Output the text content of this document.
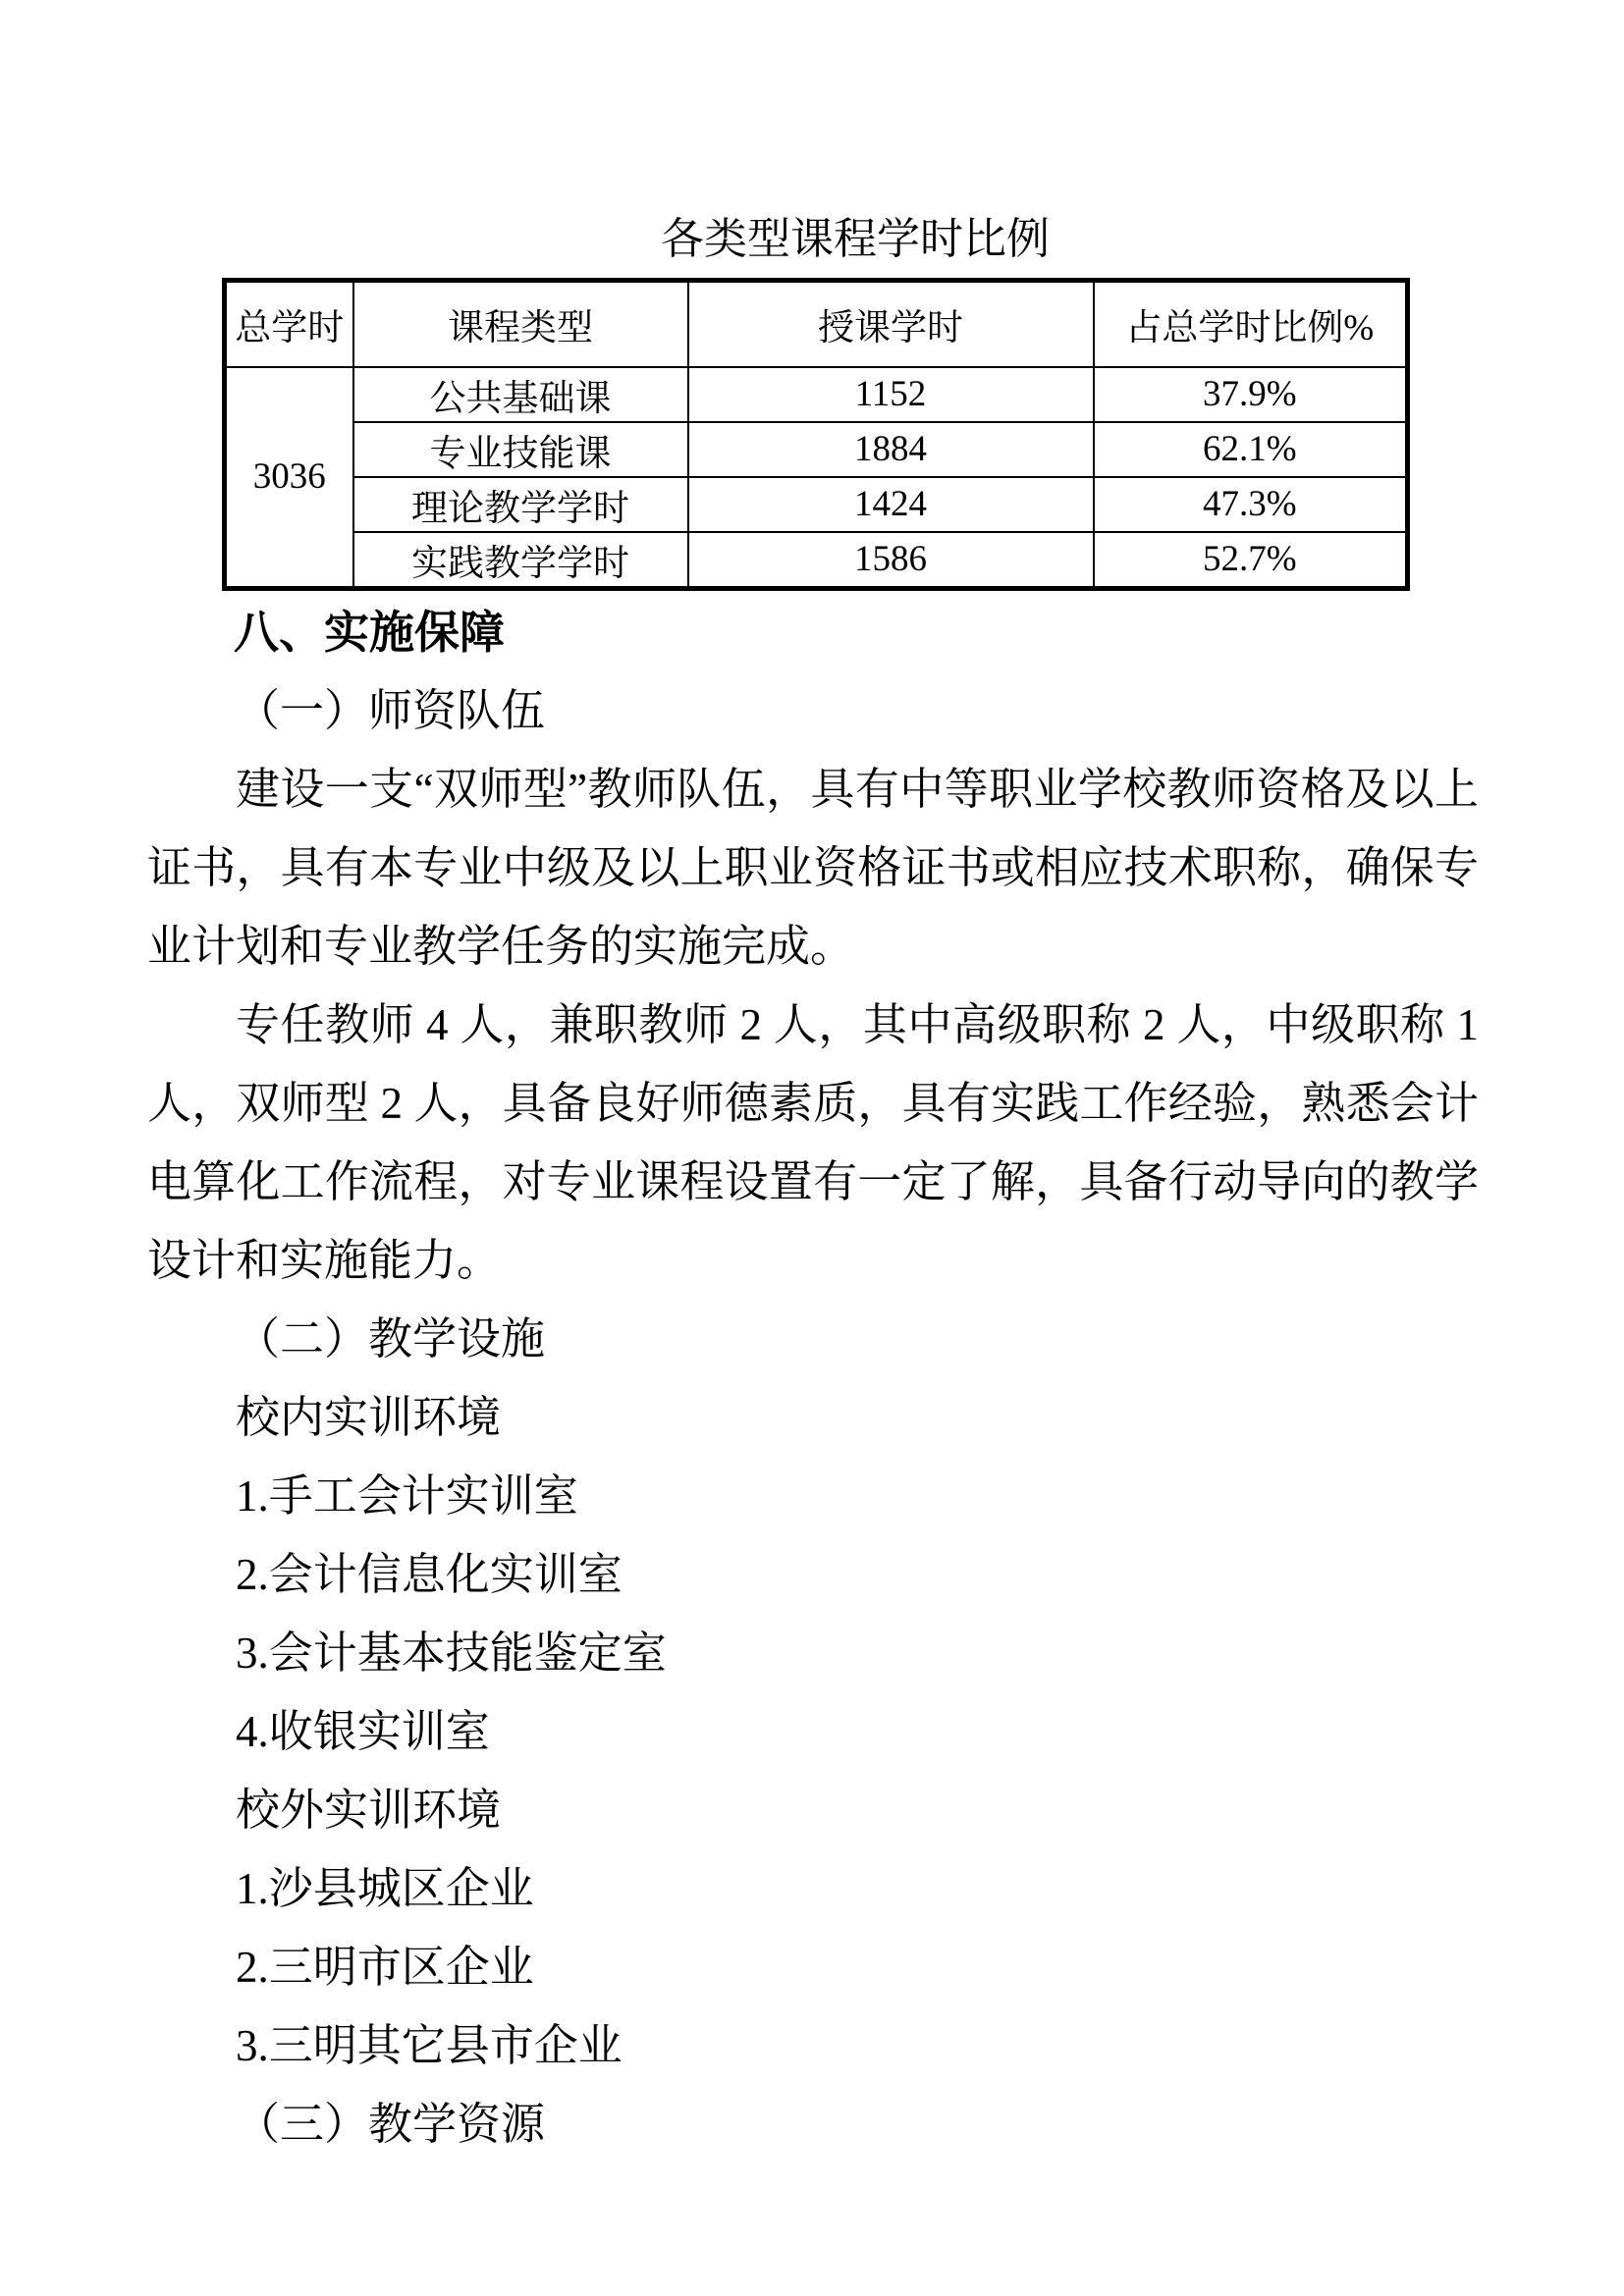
各类型课程学时比例
总学时	课程类型	授课学时	占总学时比例%
3036	公共基础课	1152	37.9%
	专业技能课	1884	62.1%
	理论教学学时	1424	47.3%
	实践教学学时	1586	52.7%

八、实施保障

（一）师资队伍

建设一支“双师型”教师队伍，具有中等职业学校教师资格及以上证书，具有本专业中级及以上职业资格证书或相应技术职称，确保专业计划和专业教学任务的实施完成。

专任教师 4 人，兼职教师 2 人，其中高级职称 2 人，中级职称 1 人，双师型 2 人，具备良好师德素质，具有实践工作经验，熟悉会计电算化工作流程，对专业课程设置有一定了解，具备行动导向的教学设计和实施能力。

（二）教学设施

校内实训环境

1.手工会计实训室

2.会计信息化实训室

3.会计基本技能鉴定室

4.收银实训室

校外实训环境

1.沙县城区企业

2.三明市区企业

3.三明其它县市企业

（三）教学资源
